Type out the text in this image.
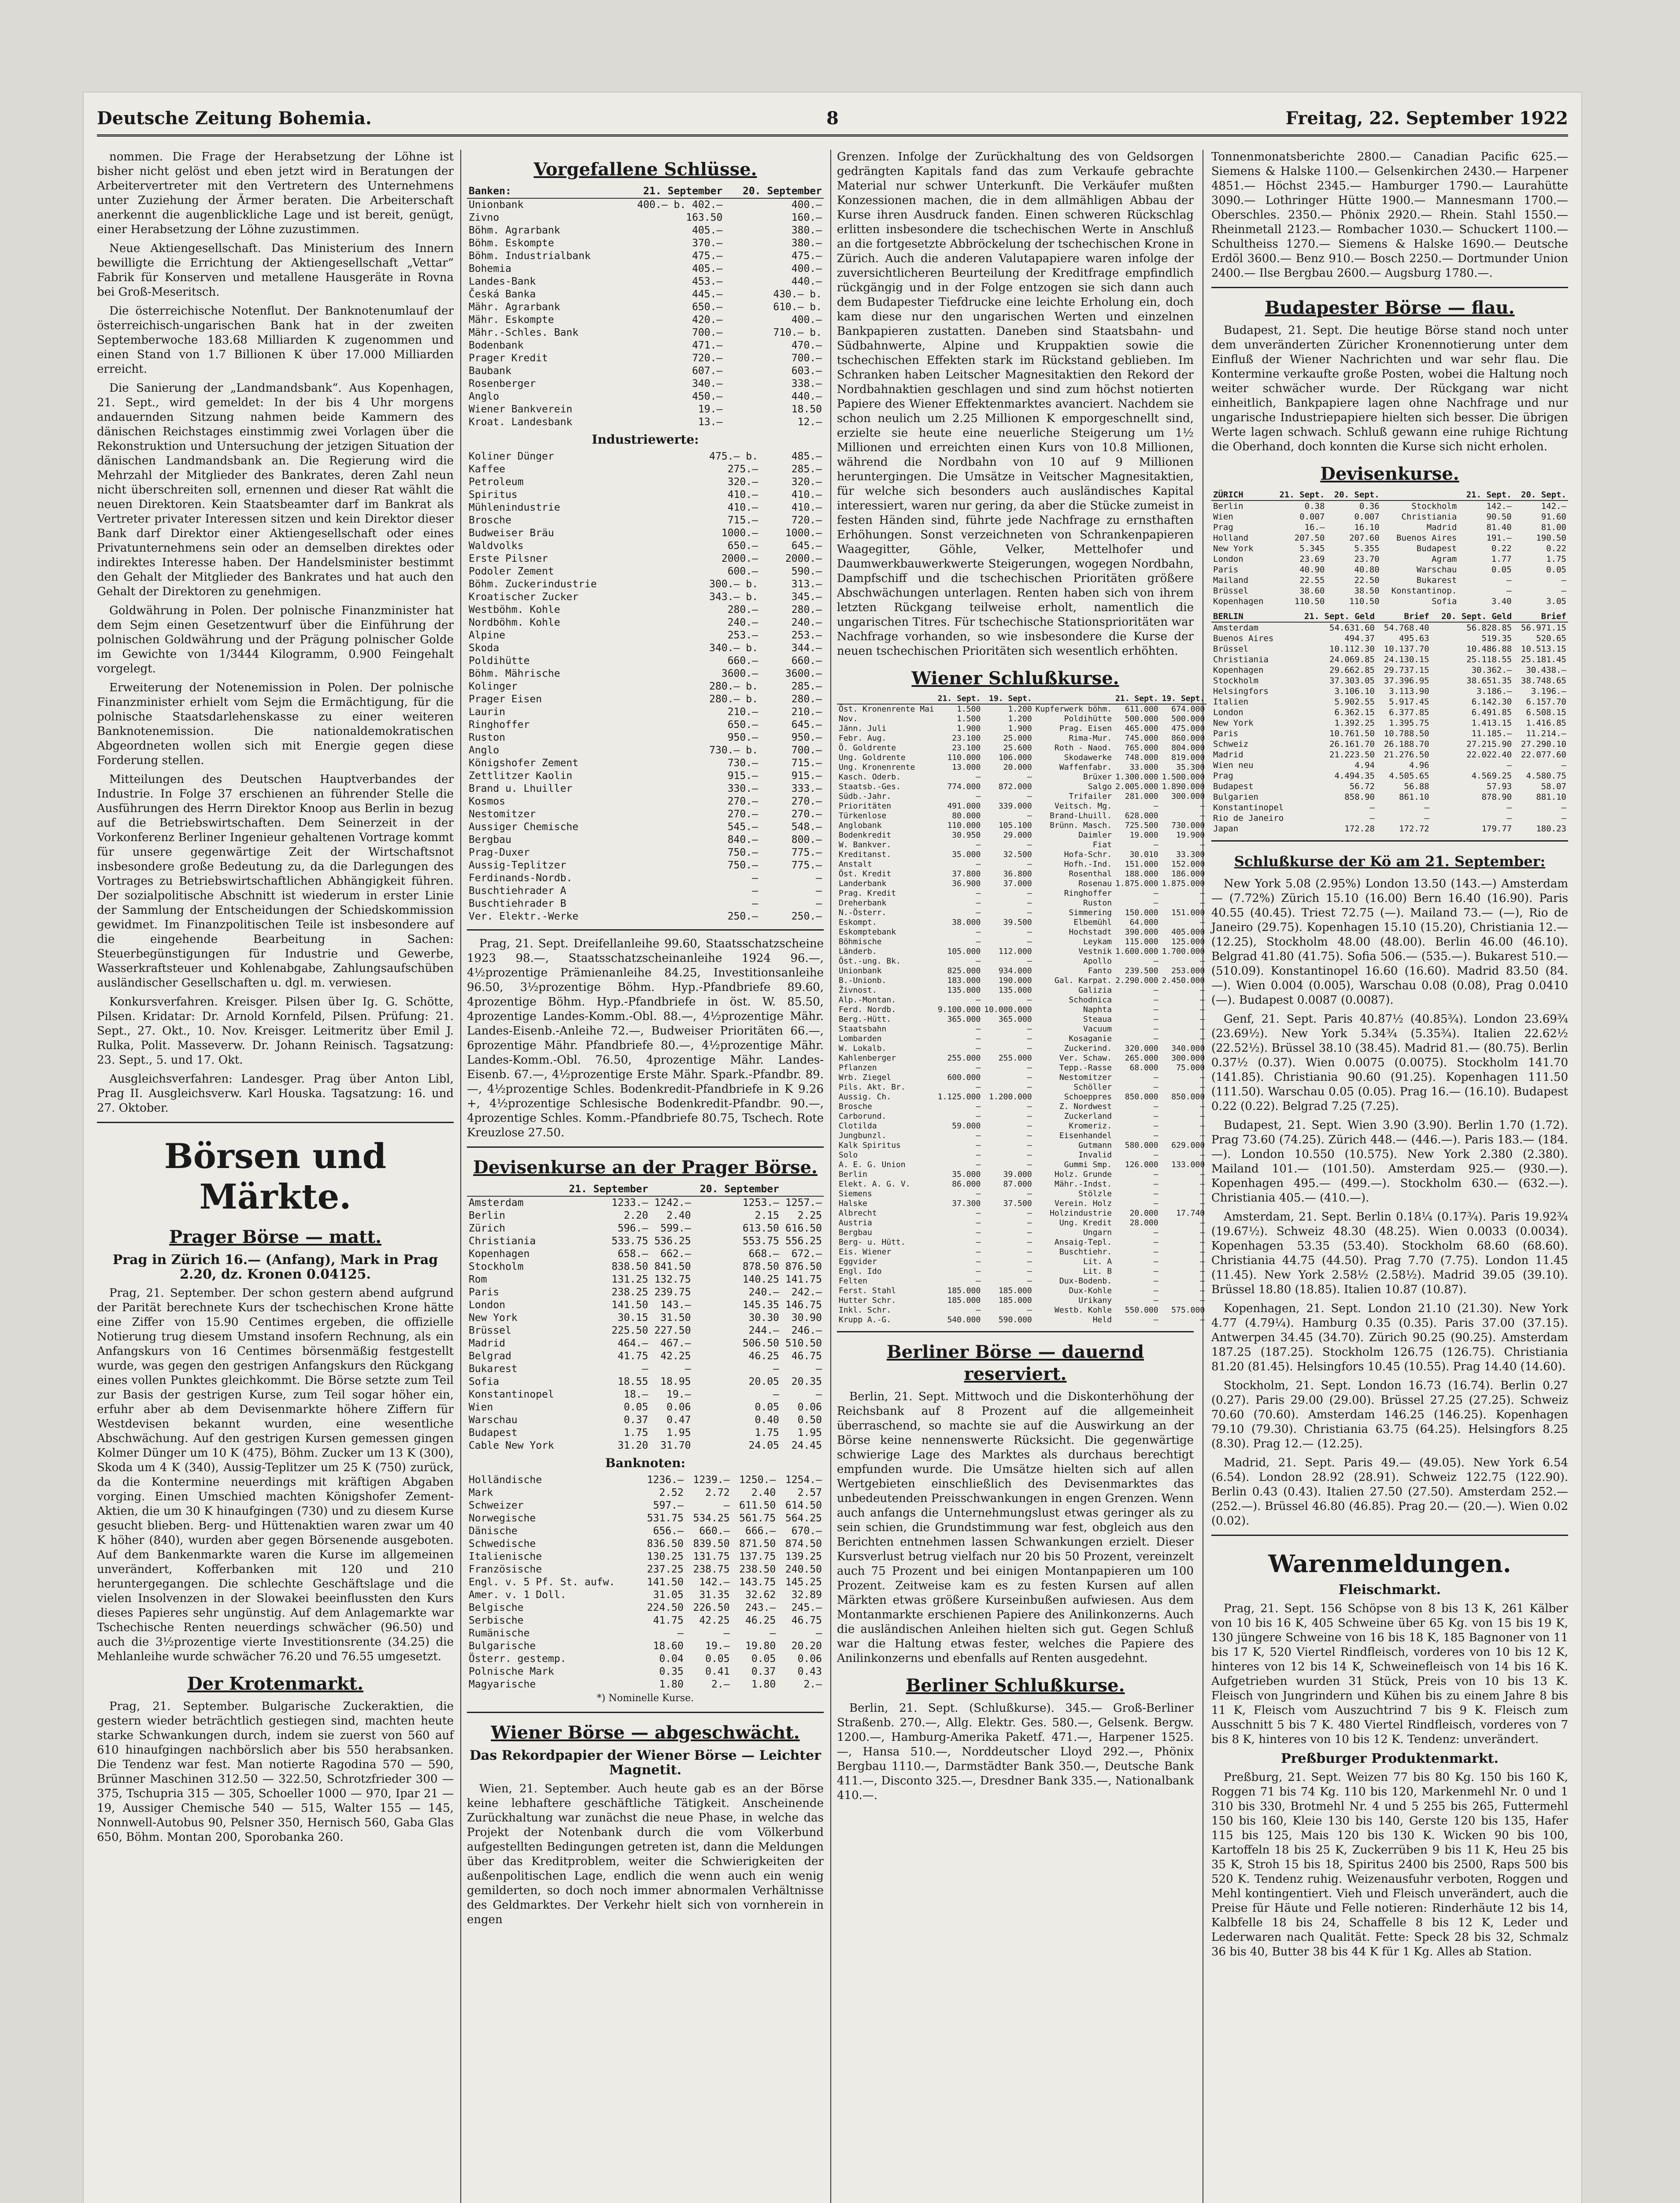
Deutsche Zeitung Bohemia.	8	Freitag, 22. September 1922

nommen. Die Frage der Herabsetzung der Löhne ist bisher nicht gelöst und eben jetzt wird in Beratungen der Arbeitervertreter mit den Vertretern des Unternehmens unter Zuziehung der Ärmer beraten. Die Arbeiterschaft anerkennt die augenblickliche Lage und ist bereit, genügt, einer Herabsetzung der Löhne zuzustimmen.

Neue Aktiengesellschaft. Das Ministerium des Innern bewilligte die Errichtung der Aktiengesellschaft „Vettar“ Fabrik für Konserven und metallene Hausgeräte in Rovna bei Groß-Meseritsch.

Die österreichische Notenflut. Der Banknotenumlauf der österreichisch-ungarischen Bank hat in der zweiten Septemberwoche 183.68 Milliarden K zugenommen und einen Stand von 1.7 Billionen K über 17.000 Milliarden erreicht.

Die Sanierung der „Landmandsbank“. Aus Kopenhagen, 21. Sept., wird gemeldet: In der bis 4 Uhr morgens andauernden Sitzung nahmen beide Kammern des dänischen Reichstages einstimmig zwei Vorlagen über die Rekonstruktion und Untersuchung der jetzigen Situation der dänischen Landmandsbank an. Die Regierung wird die Mehrzahl der Mitglieder des Bankrates, deren Zahl neun nicht überschreiten soll, ernennen und dieser Rat wählt die neuen Direktoren. Kein Staatsbeamter darf im Bankrat als Vertreter privater Interessen sitzen und kein Direktor dieser Bank darf Direktor einer Aktiengesellschaft oder eines Privatunternehmens sein oder an demselben direktes oder indirektes Interesse haben. Der Handelsminister bestimmt den Gehalt der Mitglieder des Bankrates und hat auch den Gehalt der Direktoren zu genehmigen.

Goldwährung in Polen. Der polnische Finanzminister hat dem Sejm einen Gesetzentwurf über die Einführung der polnischen Goldwährung und der Prägung polnischer Golde im Gewichte von 1/3444 Kilogramm, 0.900 Feingehalt vorgelegt.

Erweiterung der Notenemission in Polen. Der polnische Finanzminister erhielt vom Sejm die Ermächtigung, für die polnische Staatsdarlehenskasse zu einer weiteren Banknotenemission. Die nationaldemokratischen Abgeordneten wollen sich mit Energie gegen diese Forderung stellen.

Mitteilungen des Deutschen Hauptverbandes der Industrie. In Folge 37 erschienen an führender Stelle die Ausführungen des Herrn Direktor Knoop aus Berlin in bezug auf die Betriebswirtschaften. Dem Seinerzeit in der Vorkonferenz Berliner Ingenieur gehaltenen Vortrage kommt für unsere gegenwärtige Zeit der Wirtschaftsnot insbesondere große Bedeutung zu, da die Darlegungen des Vortrages zu Betriebswirtschaftlichen Abhängigkeit führen. Der sozialpolitische Abschnitt ist wiederum in erster Linie der Sammlung der Entscheidungen der Schiedskommission gewidmet. Im Finanzpolitischen Teile ist insbesondere auf die eingehende Bearbeitung in Sachen: Steuerbegünstigungen für Industrie und Gewerbe, Wasserkraftsteuer und Kohlenabgabe, Zahlungsaufschüben ausländischer Gesellschaften u. dgl. m. verwiesen.

Konkursverfahren. Kreisger. Pilsen über Ig. G. Schötte, Pilsen. Kridatar: Dr. Arnold Kornfeld, Pilsen. Prüfung: 21. Sept., 27. Okt., 10. Nov. Kreisger. Leitmeritz über Emil J. Rulka, Polit. Masseverw. Dr. Johann Reinisch. Tagsatzung: 23. Sept., 5. und 17. Okt.

Ausgleichsverfahren: Landesger. Prag über Anton Libl, Prag II. Ausgleichsverw. Karl Houska. Tagsatzung: 16. und 27. Oktober.

Börsen und Märkte.
Prager Börse — matt.
Prag in Zürich 16.— (Anfang), Mark in Prag 2.20, dz. Kronen 0.04125.

Prag, 21. September. Der schon gestern abend aufgrund der Parität berechnete Kurs der tschechischen Krone hätte eine Ziffer von 15.90 Centimes ergeben, die offizielle Notierung trug diesem Umstand insofern Rechnung, als ein Anfangskurs von 16 Centimes börsenmäßig festgestellt wurde, was gegen den gestrigen Anfangskurs den Rückgang eines vollen Punktes gleichkommt. Die Börse setzte zum Teil zur Basis der gestrigen Kurse, zum Teil sogar höher ein, erfuhr aber ab dem Devisenmarkte höhere Ziffern für Westdevisen bekannt wurden, eine wesentliche Abschwächung. Auf den gestrigen Kursen gemessen gingen Kolmer Dünger um 10 K (475), Böhm. Zucker um 13 K (300), Skoda um 4 K (340), Aussig-Teplitzer um 25 K (750) zurück, da die Kontermine neuerdings mit kräftigen Abgaben vorging. Einen Umschied machten Königshofer Zement-Aktien, die um 30 K hinaufgingen (730) und zu diesem Kurse gesucht blieben. Berg- und Hüttenaktien waren zwar um 40 K höher (840), wurden aber gegen Börsenende ausgeboten. Auf dem Bankenmarkte waren die Kurse im allgemeinen unverändert, Kofferbanken mit 120 und 210 heruntergegangen. Die schlechte Geschäftslage und die vielen Insolvenzen in der Slowakei beeinflussten den Kurs dieses Papieres sehr ungünstig. Auf dem Anlagemarkte war Tschechische Renten neuerdings schwächer (96.50) und auch die 3½prozentige vierte Investitionsrente (34.25) die Mehlanleihe wurde schwächer 76.20 und 76.55 umgesetzt.

Der Krotenmarkt.

Prag, 21. September. Bulgarische Zuckeraktien, die gestern wieder beträchtlich gestiegen sind, machten heute starke Schwankungen durch, indem sie zuerst von 560 auf 610 hinaufgingen nachbörslich aber bis 550 herabsanken. Die Tendenz war fest. Man notierte Ragodina 570 — 590, Brünner Maschinen 312.50 — 322.50, Schrotzfrieder 300 — 375, Tschupria 315 — 305, Schoeller 1000 — 970, Ipar 21 — 19, Aussiger Chemische 540 — 515, Walter 155 — 145, Nonnwell-Autobus 90, Pelsner 350, Hernisch 560, Gaba Glas 650, Böhm. Montan 200, Sporobanka 260.

Vorgefallene Schlüsse.
Banken:	21. September	20. September
Unionbank	400.— b. 402.—	400.—
Zivno	163.50	160.—
Böhm. Agrarbank	405.—	380.—
Böhm. Eskompte	370.—	380.—
Böhm. Industrialbank	475.—	475.—
Bohemia	405.—	400.—
Landes-Bank	453.—	440.—
Česká Banka	445.—	430.— b.
Mähr. Agrarbank	650.—	610.— b.
Mähr. Eskompte	420.—	400.—
Mähr.-Schles. Bank	700.—	710.— b.
Bodenbank	471.—	470.—
Prager Kredit	720.—	700.—
Baubank	607.—	603.—
Rosenberger	340.—	338.—
Anglo	450.—	440.—
Wiener Bankverein	19.—	18.50
Kroat. Landesbank	13.—	12.—
Industriewerte:
Koliner Dünger	475.— b.	485.—
Kaffee	275.—	285.—
Petroleum	320.—	320.—
Spiritus	410.—	410.—
Mühlenindustrie	410.—	410.—
Brosche	715.—	720.—
Budweiser Bräu	1000.—	1000.—
Waldvolks	650.—	645.—
Erste Pilsner	2000.—	2000.—
Podoler Zement	600.—	590.—
Böhm. Zuckerindustrie	300.— b.	313.—
Kroatischer Zucker	343.— b.	345.—
Westböhm. Kohle	280.—	280.—
Nordböhm. Kohle	240.—	240.—
Alpine	253.—	253.—
Skoda	340.— b.	344.—
Poldihütte	660.—	660.—
Böhm. Mährische	3600.—	3600.—
Kolinger	280.— b.	285.—
Prager Eisen	280.— b.	280.—
Laurin	210.—	210.—
Ringhoffer	650.—	645.—
Ruston	950.—	950.—
Anglo	730.— b.	700.—
Königshofer Zement	730.—	715.—
Zettlitzer Kaolin	915.—	915.—
Brand u. Lhuiller	330.—	333.—
Kosmos	270.—	270.—
Nestomitzer	270.—	270.—
Aussiger Chemische	545.—	548.—
Bergbau	840.—	800.—
Prag-Duxer	750.—	775.—
Aussig-Teplitzer	750.—	775.—
Ferdinands-Nordb.	—	—
Buschtiehrader A	—	—
Buschtiehrader B	—	—
Ver. Elektr.-Werke	250.—	250.—

Prag, 21. Sept. Dreifellanleihe 99.60, Staatsschatzscheine 1923 98.—, Staatsschatzscheinanleihe 1924 96.—, 4½prozentige Prämienanleihe 84.25, Investitionsanleihe 96.50, 3½prozentige Böhm. Hyp.-Pfandbriefe 89.60, 4prozentige Böhm. Hyp.-Pfandbriefe in öst. W. 85.50, 4prozentige Landes-Komm.-Obl. 88.—, 4½prozentige Mähr. Landes-Eisenb.-Anleihe 72.—, Budweiser Prioritäten 66.—, 6prozentige Mähr. Pfandbriefe 80.—, 4½prozentige Mähr. Landes-Komm.-Obl. 76.50, 4prozentige Mähr. Landes-Eisenb. 67.—, 4½prozentige Erste Mähr. Spark.-Pfandbr. 89.—, 4½prozentige Schles. Bodenkredit-Pfandbriefe in K 9.26 +, 4½prozentige Schlesische Bodenkredit-Pfandbr. 90.—, 4prozentige Schles. Komm.-Pfandbriefe 80.75, Tschech. Rote Kreuzlose 27.50.

Devisenkurse an der Prager Börse.
	21. September		20. September	
Amsterdam	1233.—	1242.—	1253.—	1257.—
Berlin	2.20	2.40	2.15	2.25
Zürich	596.—	599.—	613.50	616.50
Christiania	533.75	536.25	553.75	556.25
Kopenhagen	658.—	662.—	668.—	672.—
Stockholm	838.50	841.50	878.50	876.50
Rom	131.25	132.75	140.25	141.75
Paris	238.25	239.75	240.—	242.—
London	141.50	143.—	145.35	146.75
New York	30.15	31.50	30.30	30.90
Brüssel	225.50	227.50	244.—	246.—
Madrid	464.—	467.—	506.50	510.50
Belgrad	41.75	42.25	46.25	46.75
Bukarest	—	—	—	—
Sofia	18.55	18.95	20.05	20.35
Konstantinopel	18.—	19.—	—	—
Wien	0.05	0.06	0.05	0.06
Warschau	0.37	0.47	0.40	0.50
Budapest	1.75	1.95	1.75	1.95
Cable New York	31.20	31.70	24.05	24.45
Banknoten:
Holländische	1236.—	1239.—	1250.—	1254.—
Mark	2.52	2.72	2.40	2.57
Schweizer	597.—	—	611.50	614.50
Norwegische	531.75	534.25	561.75	564.25
Dänische	656.—	660.—	666.—	670.—
Schwedische	836.50	839.50	871.50	874.50
Italienische	130.25	131.75	137.75	139.25
Französische	237.25	238.75	238.50	240.50
Engl. v. 5 Pf. St. aufw.	141.50	142.—	143.75	145.25
Amer. v. 1 Doll.	31.05	31.35	32.62	32.89
Belgische	224.50	226.50	243.—	245.—
Serbische	41.75	42.25	46.25	46.75
Rumänische	—	—	—	—
Bulgarische	18.60	19.—	19.80	20.20
Österr. gestemp.	0.04	0.05	0.05	0.06
Polnische Mark	0.35	0.41	0.37	0.43
Magyarische	1.80	2.—	1.80	2.—
*) Nominelle Kurse.
Wiener Börse — abgeschwächt.
Das Rekordpapier der Wiener Börse — Leichter Magnetit.

Wien, 21. September. Auch heute gab es an der Börse keine lebhaftere geschäftliche Tätigkeit. Anscheinende Zurückhaltung war zunächst die neue Phase, in welche das Projekt der Notenbank durch die vom Völkerbund aufgestellten Bedingungen getreten ist, dann die Meldungen über das Kreditproblem, weiter die Schwierigkeiten der außenpolitischen Lage, endlich die wenn auch ein wenig gemilderten, so doch noch immer abnormalen Verhältnisse des Geldmarktes. Der Verkehr hielt sich von vornherein in engen

Grenzen. Infolge der Zurückhaltung des von Geldsorgen gedrängten Kapitals fand das zum Verkaufe gebrachte Material nur schwer Unterkunft. Die Verkäufer mußten Konzessionen machen, die in dem allmähligen Abbau der Kurse ihren Ausdruck fanden. Einen schweren Rückschlag erlitten insbesondere die tschechischen Werte in Anschluß an die fortgesetzte Abbröckelung der tschechischen Krone in Zürich. Auch die anderen Valutapapiere waren infolge der zuversichtlicheren Beurteilung der Kreditfrage empfindlich rückgängig und in der Folge entzogen sie sich dann auch dem Budapester Tiefdrucke eine leichte Erholung ein, doch kam diese nur den ungarischen Werten und einzelnen Bankpapieren zustatten. Daneben sind Staatsbahn- und Südbahnwerte, Alpine und Kruppaktien sowie die tschechischen Effekten stark im Rückstand geblieben. Im Schranken haben Leitscher Magnesitaktien den Rekord der Nordbahnaktien geschlagen und sind zum höchst notierten Papiere des Wiener Effektenmarktes avanciert. Nachdem sie schon neulich um 2.25 Millionen K emporgeschnellt sind, erzielte sie heute eine neuerliche Steigerung um 1½ Millionen und erreichten einen Kurs von 10.8 Millionen, während die Nordbahn von 10 auf 9 Millionen heruntergingen. Die Umsätze in Veitscher Magnesitaktien, für welche sich besonders auch ausländisches Kapital interessiert, waren nur gering, da aber die Stücke zumeist in festen Händen sind, führte jede Nachfrage zu ernsthaften Erhöhungen. Sonst verzeichneten von Schrankenpapieren Waagegitter, Göhle, Velker, Mettelhofer und Daumwerkbauwerkwerte Steigerungen, wogegen Nordbahn, Dampfschiff und die tschechischen Prioritäten größere Abschwächungen unterlagen. Renten haben sich von ihrem letzten Rückgang teilweise erholt, namentlich die ungarischen Titres. Für tschechische Stationsprioritäten war Nachfrage vorhanden, so wie insbesondere die Kurse der neuen tschechischen Prioritäten sich wesentlich erhöhten.

Wiener Schlußkurse.
	21. Sept.	19. Sept.		21. Sept.	19. Sept.
Öst. Kronenrente Mai	1.500	1.200	Kupferwerk böhm.	611.000	674.000
Nov.	1.500	1.200	Poldihütte	500.000	500.000
Jänn. Juli	1.900	1.900	Prag. Eisen	465.000	475.000
Febr. Aug.	23.100	25.000	Rima-Mur.	745.000	860.000
Ö. Goldrente	23.100	25.600	Roth - Naod.	765.000	804.000
Ung. Goldrente	110.000	106.000	Skodawerke	748.000	819.000
Ung. Kronenrente	13.000	20.000	Waffenfabr.	33.000	35.300
Kasch. Oderb.	—	—	Brüxer	1.300.000	1.500.000
Staatsb.-Ges.	774.000	872.000	Salgo	2.005.000	1.890.000
Südb.-Jahr.	—	—	Trifailer	281.000	300.000
Prioritäten	491.000	339.000	Veitsch. Mg.	—	—
Türkenlose	80.000	—	Brand-Lhuill.	628.000	—
Anglobank	110.000	105.100	Brünn. Masch.	725.500	730.000
Bodenkredit	30.950	29.000	Daimler	19.000	19.900
W. Bankver.	—	—	Fiat	—	—
Kreditanst.	35.000	32.500	Hofa-Schr.	30.010	33.300
Anstalt	—	—	Hofh.-Ind.	151.000	152.000
Öst. Kredit	37.800	36.800	Rosenthal	188.000	186.000
Landerbank	36.900	37.000	Rosenau	1.875.000	1.875.000
Prag. Kredit	—	—	Ringhoffer	—	—
Dreherbank	—	—	Ruston	—	—
N.-Österr.	—	—	Simmering	150.000	151.000
Eskompt.	38.000	39.500	Elbemühl	64.000	—
Eskomptebank	—	—	Hochstadt	390.000	405.000
Böhmische	—	—	Leykam	115.000	125.000
Länderb.	105.000	112.000	Vestnik	1.600.000	1.700.000
Öst.-ung. Bk.	—	—	Apollo	—	—
Unionbank	825.000	934.000	Fanto	239.500	253.000
B.-Unionb.	183.000	190.000	Gal. Karpat.	2.290.000	2.450.000
Živnost.	135.000	135.000	Galizia	—	—
Alp.-Montan.	—	—	Schodnica	—	—
Ferd. Nordb.	9.100.000	10.000.000	Naphta	—	—
Berg.-Hütt.	365.000	365.000	Steaua	—	—
Staatsbahn	—	—	Vacuum	—	—
Lombarden	—	—	Kosaganie	—	—
W. Lokalb.	—	—	Zuckerind.	320.000	340.000
Kahlenberger	255.000	255.000	Ver. Schaw.	265.000	300.000
Pflanzen	—	—	Tepp.-Rasse	68.000	75.000
Wrb. Ziegel	600.000	—	Nestomitzer	—	—
Pils. Akt. Br.	—	—	Schöller	—	—
Aussig. Ch.	1.125.000	1.200.000	Schoeppres	850.000	850.000
Brosche	—	—	Z. Nordwest	—	—
Carborund.	—	—	Zuckerland	—	—
Clotilda	59.000	—	Kromeriz.	—	—
Jungbunzl.	—	—	Eisenhandel	—	—
Kalk Spiritus	—	—	Gutmann	580.000	629.000
Solo	—	—	Invalid	—	—
A. E. G. Union	—	—	Gummi Smp.	126.000	133.000
Berlin	35.000	39.000	Holz. Grunde	—	—
Elekt. A. G. V.	86.000	87.000	Mähr.-Indst.	—	—
Siemens	—	—	Stölzle	—	—
Halske	37.300	37.500	Verein. Holz	—	—
Albrecht	—	—	Holzindustrie	20.000	17.740
Austria	—	—	Ung. Kredit	28.000	—
Bergbau	—	—	Ungarn	—	—
Berg- u. Hütt.	—	—	Ansaig-Tepl.	—	—
Eis. Wiener	—	—	Buschtiehr.	—	—
Eggvider	—	—	Lit. A	—	—
Engl. Ido	—	—	Lit. B	—	—
Felten	—	—	Dux-Bodenb.	—	—
Ferst. Stahl	185.000	185.000	Dux-Kohle	—	—
Hutter Schr.	185.000	185.000	Urikany	—	—
Inkl. Schr.	—	—	Westb. Kohle	550.000	575.000
Krupp A.-G.	540.000	590.000	Held	—	—
Berliner Börse — dauernd reserviert.

Berlin, 21. Sept. Mittwoch und die Diskonterhöhung der Reichsbank auf 8 Prozent auf die allgemeinheit überraschend, so machte sie auf die Auswirkung an der Börse keine nennenswerte Rücksicht. Die gegenwärtige schwierige Lage des Marktes als durchaus berechtigt empfunden wurde. Die Umsätze hielten sich auf allen Wertgebieten einschließlich des Devisenmarktes das unbedeutenden Preisschwankungen in engen Grenzen. Wenn auch anfangs die Unternehmungslust etwas geringer als zu sein schien, die Grundstimmung war fest, obgleich aus den Berichten entnehmen lassen Schwankungen erzielt. Dieser Kursverlust betrug vielfach nur 20 bis 50 Prozent, vereinzelt auch 75 Prozent und bei einigen Montanpapieren um 100 Prozent. Zeitweise kam es zu festen Kursen auf allen Märkten etwas größere Kurseinbußen aufwiesen. Aus dem Montanmarkte erschienen Papiere des Anilinkonzerns. Auch die ausländischen Anleihen hielten sich gut. Gegen Schluß war die Haltung etwas fester, welches die Papiere des Anilinkonzerns und ebenfalls auf Renten ausgedehnt.

Berliner Schlußkurse.

Berlin, 21. Sept. (Schlußkurse). 345.— Groß-Berliner Straßenb. 270.—, Allg. Elektr. Ges. 580.—, Gelsenk. Bergw. 1200.—, Hamburg-Amerika Paketf. 471.—, Harpener 1525.—, Hansa 510.—, Norddeutscher Lloyd 292.—, Phönix Bergbau 1110.—, Darmstädter Bank 350.—, Deutsche Bank 411.—, Disconto 325.—, Dresdner Bank 335.—, Nationalbank 410.—.

Tonnenmonatsberichte 2800.— Canadian Pacific 625.— Siemens & Halske 1100.— Gelsenkirchen 2430.— Harpener 4851.— Höchst 2345.— Hamburger 1790.— Laurahütte 3090.— Lothringer Hütte 1900.— Mannesmann 1700.— Oberschles. 2350.— Phönix 2920.— Rhein. Stahl 1550.— Rheinmetall 2123.— Rombacher 1030.— Schuckert 1100.— Schultheiss 1270.— Siemens & Halske 1690.— Deutsche Erdöl 3600.— Benz 910.— Bosch 2250.— Dortmunder Union 2400.— Ilse Bergbau 2600.— Augsburg 1780.—.

Budapester Börse — flau.

Budapest, 21. Sept. Die heutige Börse stand noch unter dem unveränderten Züricher Kronennotierung unter dem Einfluß der Wiener Nachrichten und war sehr flau. Die Kontermine verkaufte große Posten, wobei die Haltung noch weiter schwächer wurde. Der Rückgang war nicht einheitlich, Bankpapiere lagen ohne Nachfrage und nur ungarische Industriepapiere hielten sich besser. Die übrigen Werte lagen schwach. Schluß gewann eine ruhige Richtung die Oberhand, doch konnten die Kurse sich nicht erholen.

Devisenkurse.
ZÜRICH	21. Sept.	20. Sept.		21. Sept.	20. Sept.
Berlin	0.38	0.36	Stockholm	142.—	142.—
Wien	0.007	0.007	Christiania	90.50	91.60
Prag	16.—	16.10	Madrid	81.40	81.00
Holland	207.50	207.60	Buenos Aires	191.—	190.50
New York	5.345	5.355	Budapest	0.22	0.22
London	23.69	23.70	Agram	1.77	1.75
Paris	40.90	40.80	Warschau	0.05	0.05
Mailand	22.55	22.50	Bukarest	—	—
Brüssel	38.60	38.50	Konstantinop.	—	—
Kopenhagen	110.50	110.50	Sofia	3.40	3.05
BERLIN	21. Sept. Geld	Brief	20. Sept. Geld	Brief
Amsterdam	54.631.60	54.768.40	56.828.85	56.971.15
Buenos Aires	494.37	495.63	519.35	520.65
Brüssel	10.112.30	10.137.70	10.486.88	10.513.15
Christiania	24.069.85	24.130.15	25.118.55	25.181.45
Kopenhagen	29.662.85	29.737.15	30.362.—	30.438.—
Stockholm	37.303.05	37.396.95	38.651.35	38.748.65
Helsingfors	3.106.10	3.113.90	3.186.—	3.196.—
Italien	5.902.55	5.917.45	6.142.30	6.157.70
London	6.362.15	6.377.85	6.491.85	6.508.15
New York	1.392.25	1.395.75	1.413.15	1.416.85
Paris	10.761.50	10.788.50	11.185.—	11.214.—
Schweiz	26.161.70	26.188.70	27.215.90	27.290.10
Madrid	21.223.50	21.276.50	22.022.40	22.077.60
Wien neu	4.94	4.96	—	—
Prag	4.494.35	4.505.65	4.569.25	4.580.75
Budapest	56.72	56.88	57.93	58.07
Bulgarien	858.90	861.10	878.90	881.10
Konstantinopel	—	—	—	—
Rio de Janeiro	—	—	—	—
Japan	172.28	172.72	179.77	180.23
Schlußkurse der Kö am 21. September:

New York 5.08 (2.95%) London 13.50 (143.—) Amsterdam — (7.72%) Zürich 15.10 (16.00) Bern 16.40 (16.90). Paris 40.55 (40.45). Triest 72.75 (—). Mailand 73.— (—), Rio de Janeiro (29.75). Kopenhagen 15.10 (15.20), Christiania 12.— (12.25), Stockholm 48.00 (48.00). Berlin 46.00 (46.10). Belgrad 41.80 (41.75). Sofia 506.— (535.—). Bukarest 510.— (510.09). Konstantinopel 16.60 (16.60). Madrid 83.50 (84.—). Wien 0.004 (0.005), Warschau 0.08 (0.08), Prag 0.0410 (—). Budapest 0.0087 (0.0087).

Genf, 21. Sept. Paris 40.87½ (40.85¾). London 23.69¾ (23.69½). New York 5.34¾ (5.35¾). Italien 22.62½ (22.52½). Brüssel 38.10 (38.45). Madrid 81.— (80.75). Berlin 0.37½ (0.37). Wien 0.0075 (0.0075). Stockholm 141.70 (141.85). Christiania 90.60 (91.25). Kopenhagen 111.50 (111.50). Warschau 0.05 (0.05). Prag 16.— (16.10). Budapest 0.22 (0.22). Belgrad 7.25 (7.25).

Budapest, 21. Sept. Wien 3.90 (3.90). Berlin 1.70 (1.72). Prag 73.60 (74.25). Zürich 448.— (446.—). Paris 183.— (184.—). London 10.550 (10.575). New York 2.380 (2.380). Mailand 101.— (101.50). Amsterdam 925.— (930.—). Kopenhagen 495.— (499.—). Stockholm 630.— (632.—). Christiania 405.— (410.—).

Amsterdam, 21. Sept. Berlin 0.18¼ (0.17¾). Paris 19.92¾ (19.67½). Schweiz 48.30 (48.25). Wien 0.0033 (0.0034). Kopenhagen 53.35 (53.40). Stockholm 68.60 (68.60). Christiania 44.75 (44.50). Prag 7.70 (7.75). London 11.45 (11.45). New York 2.58½ (2.58½). Madrid 39.05 (39.10). Brüssel 18.80 (18.85). Italien 10.87 (10.87).

Kopenhagen, 21. Sept. London 21.10 (21.30). New York 4.77 (4.79¼). Hamburg 0.35 (0.35). Paris 37.00 (37.15). Antwerpen 34.45 (34.70). Zürich 90.25 (90.25). Amsterdam 187.25 (187.25). Stockholm 126.75 (126.75). Christiania 81.20 (81.45). Helsingfors 10.45 (10.55). Prag 14.40 (14.60).

Stockholm, 21. Sept. London 16.73 (16.74). Berlin 0.27 (0.27). Paris 29.00 (29.00). Brüssel 27.25 (27.25). Schweiz 70.60 (70.60). Amsterdam 146.25 (146.25). Kopenhagen 79.10 (79.30). Christiania 63.75 (64.25). Helsingfors 8.25 (8.30). Prag 12.— (12.25).

Madrid, 21. Sept. Paris 49.— (49.05). New York 6.54 (6.54). London 28.92 (28.91). Schweiz 122.75 (122.90). Berlin 0.43 (0.43). Italien 27.50 (27.50). Amsterdam 252.— (252.—). Brüssel 46.80 (46.85). Prag 20.— (20.—). Wien 0.02 (0.02).

Warenmeldungen.
Fleischmarkt.

Prag, 21. Sept. 156 Schöpse von 8 bis 13 K, 261 Kälber von 10 bis 16 K, 405 Schweine über 65 Kg. von 15 bis 19 K, 130 jüngere Schweine von 16 bis 18 K, 185 Bagnoner von 11 bis 17 K, 520 Viertel Rindfleisch, vorderes von 10 bis 12 K, hinteres von 12 bis 14 K, Schweinefleisch von 14 bis 16 K. Aufgetrieben wurden 31 Stück, Preis von 10 bis 13 K. Fleisch von Jungrindern und Kühen bis zu einem Jahre 8 bis 11 K, Fleisch vom Auszuchtrind 7 bis 9 K. Fleisch zum Ausschnitt 5 bis 7 K. 480 Viertel Rindfleisch, vorderes von 7 bis 8 K, hinteres von 10 bis 12 K. Tendenz: unverändert.

Preßburger Produktenmarkt.

Preßburg, 21. Sept. Weizen 77 bis 80 Kg. 150 bis 160 K, Roggen 71 bis 74 Kg. 110 bis 120, Markenmehl Nr. 0 und 1 310 bis 330, Brotmehl Nr. 4 und 5 255 bis 265, Futtermehl 150 bis 160, Kleie 130 bis 140, Gerste 120 bis 135, Hafer 115 bis 125, Mais 120 bis 130 K. Wicken 90 bis 100, Kartoffeln 18 bis 25 K, Zuckerrüben 9 bis 11 K, Heu 25 bis 35 K, Stroh 15 bis 18, Spiritus 2400 bis 2500, Raps 500 bis 520 K. Tendenz ruhig. Weizenausfuhr verboten, Roggen und Mehl kontingentiert. Vieh und Fleisch unverändert, auch die Preise für Häute und Felle notieren: Rinderhäute 12 bis 14, Kalbfelle 18 bis 24, Schaffelle 8 bis 12 K, Leder und Lederwaren nach Qualität. Fette: Speck 28 bis 32, Schmalz 36 bis 40, Butter 38 bis 44 K für 1 Kg. Alles ab Station.
